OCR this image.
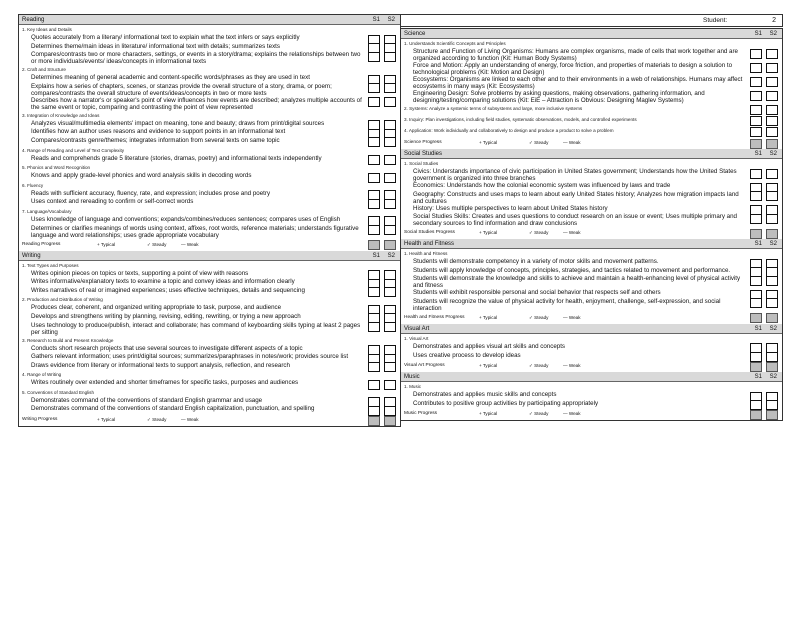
Student:	2
Reading	S1 S2
1. Key Ideas and Details
Quotes accurately from a literary/ informational text to explain what the text infers or says explicitly
Determines theme/main ideas in literature/ informational text with details; summarizes texts
Compares/contrasts two or more characters, settings, or events in a story/drama; explains the relationships between two or more individuals/events/ ideas/concepts in informational texts
2. Craft and Structure
Determines meaning of general academic and content-specific words/phrases as they are used in text
Explains how a series of chapters, scenes, or stanzas provide the overall structure of a story, drama, or poem; compares/contrasts the overall structure of events/ideas/concepts in two or more texts
Describes how a narrator's or speaker's point of view influences how events are described; analyzes multiple accounts of the same event or topic, comparing and contrasting the point of view represented
3. Integration of Knowledge and Ideas
Analyzes visual/multimedia elements' impact on meaning, tone and beauty; draws from print/digital sources
Identifies how an author uses reasons and evidence to support points in an informational text
Compares/contrasts genre/themes; integrates information from several texts on same topic
4. Range of Reading and Level of Text Complexity
Reads and comprehends grade 5 literature (stories, dramas, poetry) and informational texts independently
5. Phonics and Word Recognition
Knows and apply grade-level phonics and word analysis skills in decoding words
6. Fluency
Reads with sufficient accuracy, fluency, rate, and expression; includes prose and poetry
Uses context and rereading to confirm or self-correct words
7. Language/Vocabulary
Uses knowledge of language and conventions; expands/combines/reduces sentences; compares uses of English
Determines or clarifies meanings of words using context, affixes, root words, reference materials; understands figurative language and word relationships; uses grade appropriate vocabulary
Reading Progress	+ Typical	✓ Steady	— Weak
Writing	S1 S2
1. Text Types and Purposes
Writes opinion pieces on topics or texts, supporting a point of view with reasons
Writes informative/explanatory texts to examine a topic and convey ideas and information clearly
Writes narratives of real or imagined experiences; uses effective techniques, details and sequencing
2. Production and Distribution of Writing
Produces clear, coherent, and organized writing appropriate to task, purpose, and audience
Develops and strengthens writing by planning, revising, editing, rewriting, or trying a new approach
Uses technology to produce/publish, interact and collaborate; has command of keyboarding skills typing at least 2 pages per sitting
3. Research to Build and Present Knowledge
Conducts short research projects that use several sources to investigate different aspects of a topic
Gathers relevant information; uses print/digital sources; summarizes/paraphrases in notes/work; provides source list
Draws evidence from literary or informational texts to support analysis, reflection, and research
4. Range of Writing
Writes routinely over extended and shorter timeframes for specific tasks, purposes and audiences
5. Conventions of Standard English
Demonstrates command of the conventions of standard English grammar and usage
Demonstrates command of the conventions of standard English capitalization, punctuation, and spelling
Writing Progress	+ Typical	✓ Steady	— Weak
Science	S1 S2
1. Understands Scientific Concepts and Principles
Structure and Function of Living Organisms: Humans are complex organisms, made of cells that work together and are organized according to function (Kit: Human Body Systems)
Force and Motion: Apply an understanding of energy, force friction, and properties of materials to design a solution to technological problems (Kit: Motion and Design)
Ecosystems: Organisms are linked to each other and to their environments in a web of relationships. Humans may affect ecosystems in many ways (Kit: Ecosystems)
Engineering Design: Solve problems by asking questions, making observations, gathering information, and designing/testing/comparing solutions (Kit: EiE – Attraction is Obvious: Designing Maglev Systems)
2. Systems: Analyze a systemic terms of subsystems and large, more inclusive systems
3. Inquiry: Plan investigations, including field studies, systematic observations, models, and controlled experiments
4. Application: Work individually and collaboratively to design and produce a product to solve a problem
Science Progress	+ Typical	✓ Steady	— Weak
Social Studies	S1 S2
1. Social Studies
Civics: Understands importance of civic participation in United States government; Understands how the United States government is organized into three branches
Economics: Understands how the colonial economic system was influenced by laws and trade
Geography: Constructs and uses maps to learn about early United States history; Analyzes how migration impacts land and cultures
History: Uses multiple perspectives to learn about United States history
Social Studies Skills: Creates and uses questions to conduct research on an issue or event; Uses multiple primary and secondary sources to find information and draw conclusions
Social Studies Progress	+ Typical	✓ Steady	— Weak
Health and Fitness	S1 S2
1. Health and Fitness
Students will demonstrate competency in a variety of motor skills and movement patterns.
Students will apply knowledge of concepts, principles, strategies, and tactics related to movement and performance.
Students will demonstrate the knowledge and skills to achieve and maintain a health-enhancing level of physical activity and fitness
Students will exhibit responsible personal and social behavior that respects self and others
Students will recognize the value of physical activity for health, enjoyment, challenge, self-expression, and social interaction
Health and Fitness Progress	+ Typical	✓ Steady	— Weak
Visual Art	S1 S2
1. Visual Art
Demonstrates and applies visual art skills and concepts
Uses creative process to develop ideas
Visual Art Progress	+ Typical	✓ Steady	— Weak
Music	S1 S2
1. Music
Demonstrates and applies music skills and concepts
Contributes to positive group activities by participating appropriately
Music Progress	+ Typical	✓ Steady	— Weak
